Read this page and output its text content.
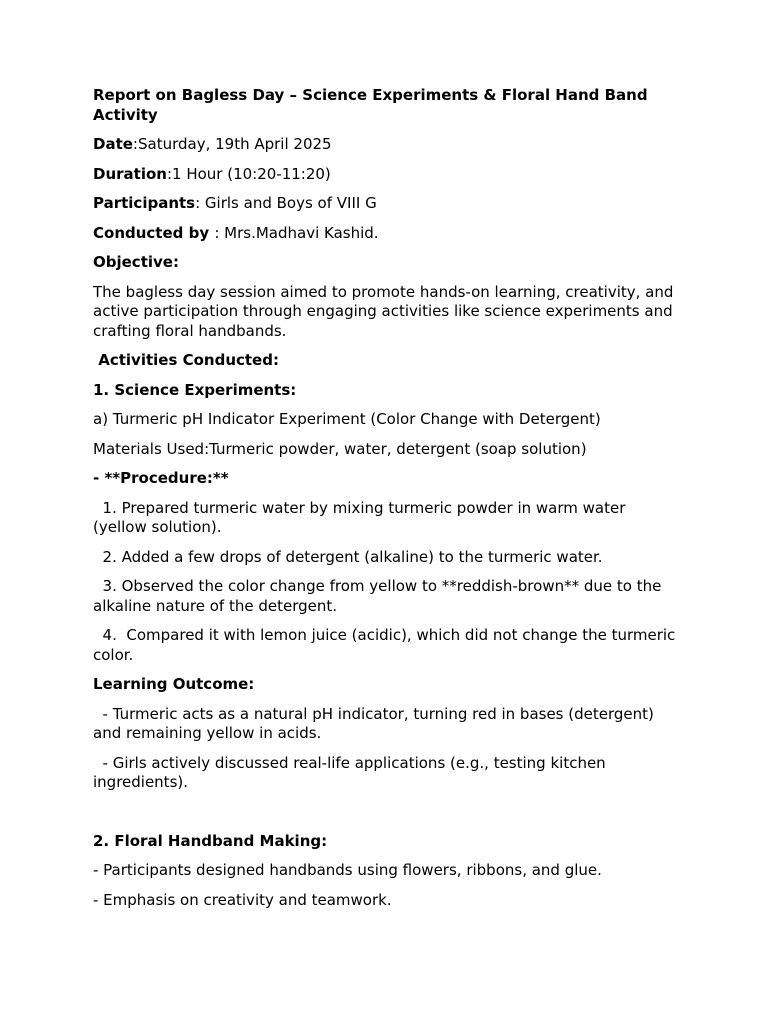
Report on Bagless Day – Science Experiments & Floral Hand Band Activity

Date:Saturday, 19th April 2025

Duration:1 Hour (10:20-11:20)

Participants: Girls and Boys of VIII G

Conducted by : Mrs.Madhavi Kashid.

Objective:

The bagless day session aimed to promote hands-on learning, creativity, and active participation through engaging activities like science experiments and crafting floral handbands.

Activities Conducted:

1. Science Experiments:

a) Turmeric pH Indicator Experiment (Color Change with Detergent)

Materials Used:Turmeric powder, water, detergent (soap solution)

- **Procedure:**

1. Prepared turmeric water by mixing turmeric powder in warm water (yellow solution).

2. Added a few drops of detergent (alkaline) to the turmeric water.

3. Observed the color change from yellow to **reddish-brown** due to the alkaline nature of the detergent.

4.  Compared it with lemon juice (acidic), which did not change the turmeric color.

Learning Outcome:

- Turmeric acts as a natural pH indicator, turning red in bases (detergent) and remaining yellow in acids.

- Girls actively discussed real-life applications (e.g., testing kitchen ingredients).

2. Floral Handband Making:

- Participants designed handbands using flowers, ribbons, and glue.

- Emphasis on creativity and teamwork.
